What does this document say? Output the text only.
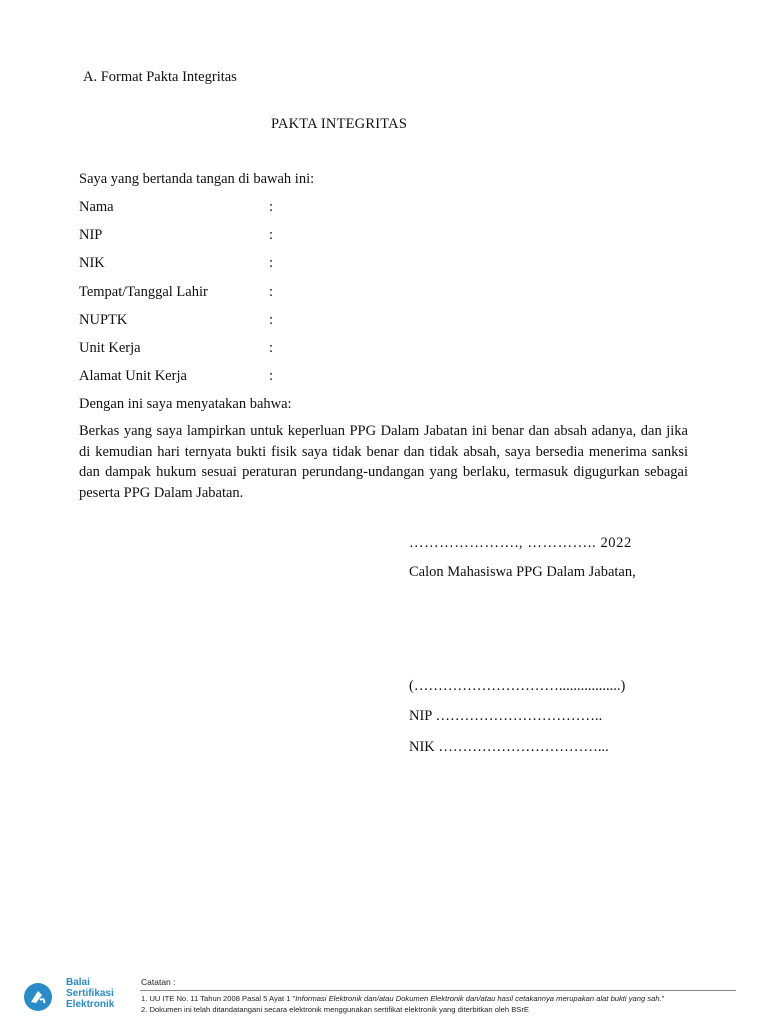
A. Format Pakta Integritas
PAKTA INTEGRITAS
Saya yang bertanda tangan di bawah ini:
Nama	:
NIP	:
NIK	:
Tempat/Tanggal Lahir	:
NUPTK	:
Unit Kerja	:
Alamat Unit Kerja	:
Dengan ini saya menyatakan bahwa:
Berkas yang saya lampirkan untuk keperluan PPG Dalam Jabatan ini benar dan absah adanya, dan jika di kemudian hari ternyata bukti fisik saya tidak benar dan tidak absah, saya bersedia menerima sanksi dan dampak hukum sesuai peraturan perundang-undangan yang berlaku, termasuk digugurkan sebagai peserta PPG Dalam Jabatan.
…………………., ………….. 2022
Calon Mahasiswa PPG Dalam Jabatan,
(………………………….................)
NIP ……………………………..
NIK ……………………………...
Balai
Sertifikasi
Elektronik
Catatan :
1. UU ITE No. 11 Tahun 2008 Pasal 5 Ayat 1 "Informasi Elektronik dan/atau Dokumen Elektronik dan/atau hasil cetakannya merupakan alat bukti yang sah."
2. Dokumen ini telah ditandatangani secara elektronik menggunakan sertifikat elektronik yang diterbitkan oleh BSrE
